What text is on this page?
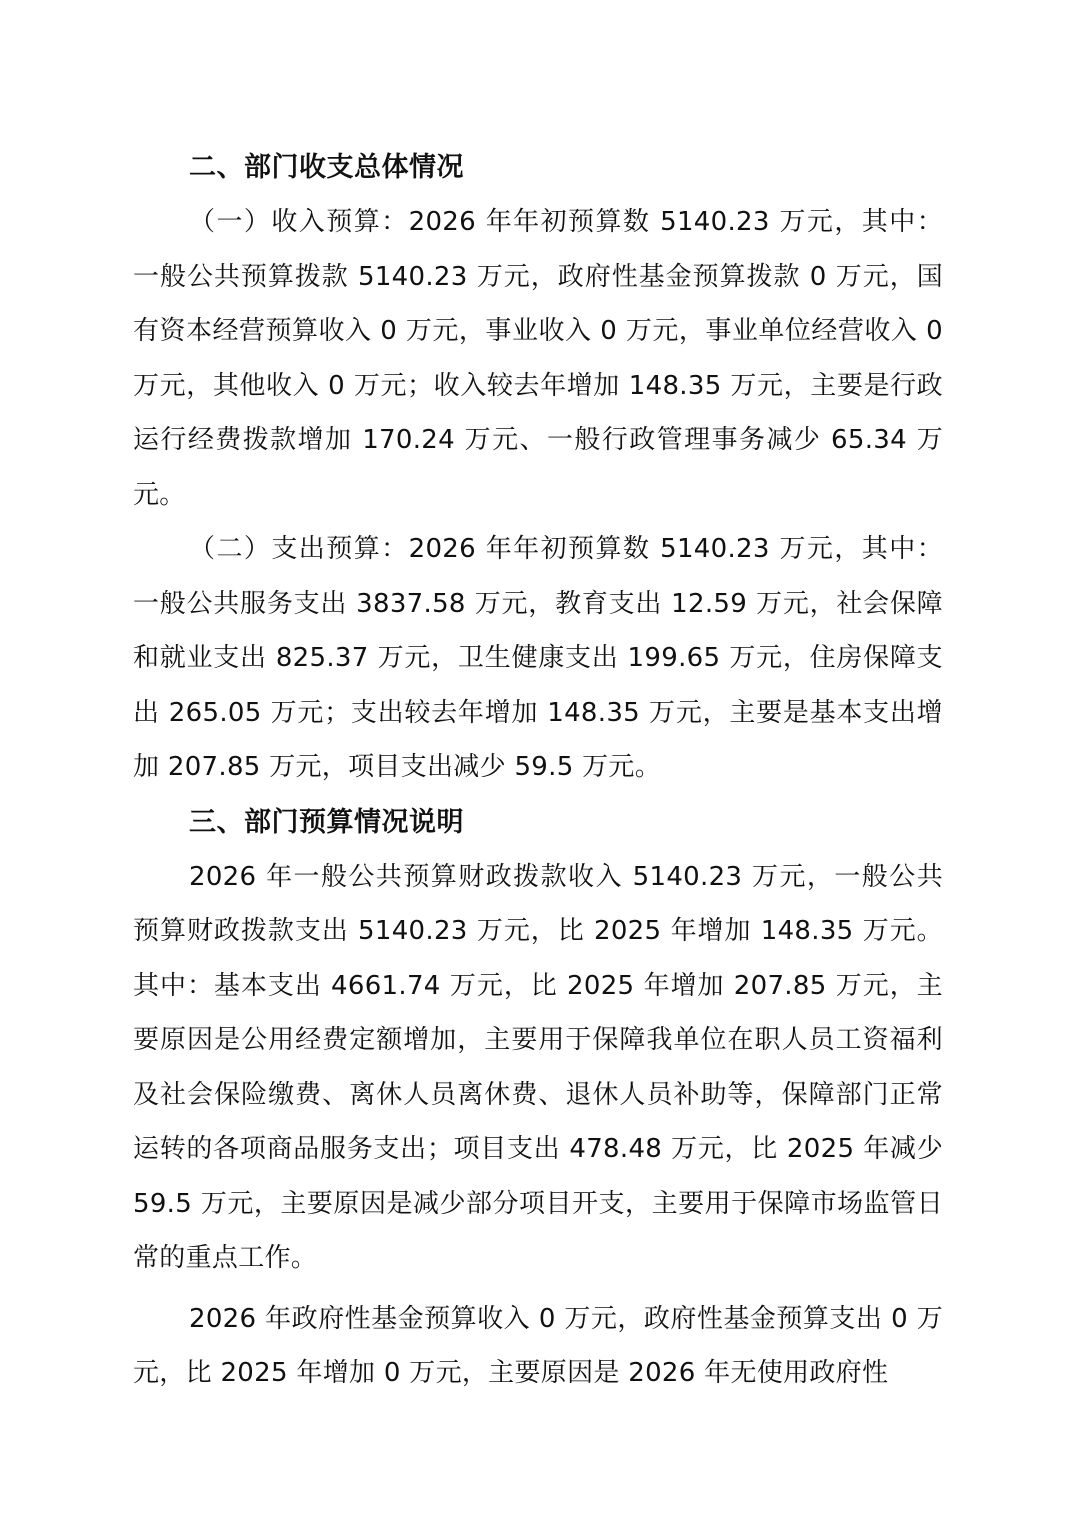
二、部门收支总体情况

（一）收入预算：2026 年年初预算数 5140.23 万元，其中：一般公共预算拨款 5140.23 万元，政府性基金预算拨款 0 万元，国有资本经营预算收入 0 万元，事业收入 0 万元，事业单位经营收入 0 万元，其他收入 0 万元；收入较去年增加 148.35 万元，主要是行政运行经费拨款增加 170.24 万元、一般行政管理事务减少 65.34 万元。

（二）支出预算：2026 年年初预算数 5140.23 万元，其中：一般公共服务支出 3837.58 万元，教育支出 12.59 万元，社会保障和就业支出 825.37 万元，卫生健康支出 199.65 万元，住房保障支出 265.05 万元；支出较去年增加 148.35 万元，主要是基本支出增加 207.85 万元，项目支出减少 59.5 万元。

三、部门预算情况说明

2026 年一般公共预算财政拨款收入 5140.23 万元，一般公共预算财政拨款支出 5140.23 万元，比 2025 年增加 148.35 万元。其中：基本支出 4661.74 万元，比 2025 年增加 207.85 万元，主要原因是公用经费定额增加，主要用于保障我单位在职人员工资福利及社会保险缴费、离休人员离休费、退休人员补助等，保障部门正常运转的各项商品服务支出；项目支出 478.48 万元，比 2025 年减少 59.5 万元，主要原因是减少部分项目开支，主要用于保障市场监管日常的重点工作。

2026 年政府性基金预算收入 0 万元，政府性基金预算支出 0 万元，比 2025 年增加 0 万元，主要原因是 2026 年无使用政府性
